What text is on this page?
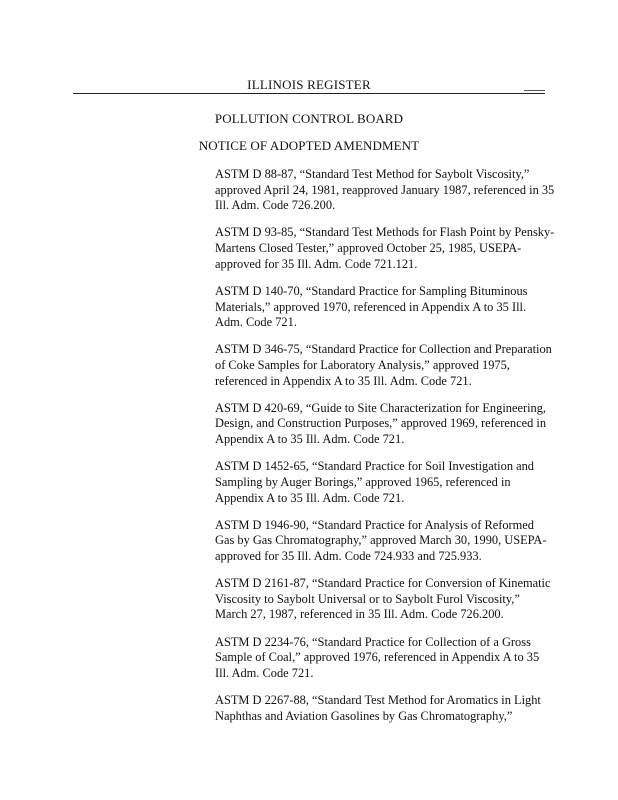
ILLINOIS REGISTER
POLLUTION CONTROL BOARD
NOTICE OF ADOPTED AMENDMENT
ASTM D 88-87, “Standard Test Method for Saybolt Viscosity,” approved April 24, 1981, reapproved January 1987, referenced in 35 Ill. Adm. Code 726.200.
ASTM D 93-85, “Standard Test Methods for Flash Point by Pensky-Martens Closed Tester,” approved October 25, 1985, USEPA-approved for 35 Ill. Adm. Code 721.121.
ASTM D 140-70, “Standard Practice for Sampling Bituminous Materials,” approved 1970, referenced in Appendix A to 35 Ill. Adm. Code 721.
ASTM D 346-75, “Standard Practice for Collection and Preparation of Coke Samples for Laboratory Analysis,” approved 1975, referenced in Appendix A to 35 Ill. Adm. Code 721.
ASTM D 420-69, “Guide to Site Characterization for Engineering, Design, and Construction Purposes,” approved 1969, referenced in Appendix A to 35 Ill. Adm. Code 721.
ASTM D 1452-65, “Standard Practice for Soil Investigation and Sampling by Auger Borings,” approved 1965, referenced in Appendix A to 35 Ill. Adm. Code 721.
ASTM D 1946-90, “Standard Practice for Analysis of Reformed Gas by Gas Chromatography,” approved March 30, 1990, USEPA-approved for 35 Ill. Adm. Code 724.933 and 725.933.
ASTM D 2161-87, “Standard Practice for Conversion of Kinematic Viscosity to Saybolt Universal or to Saybolt Furol Viscosity,” March 27, 1987, referenced in 35 Ill. Adm. Code 726.200.
ASTM D 2234-76, “Standard Practice for Collection of a Gross Sample of Coal,” approved 1976, referenced in Appendix A to 35 Ill. Adm. Code 721.
ASTM D 2267-88, “Standard Test Method for Aromatics in Light Naphthas and Aviation Gasolines by Gas Chromatography,”
